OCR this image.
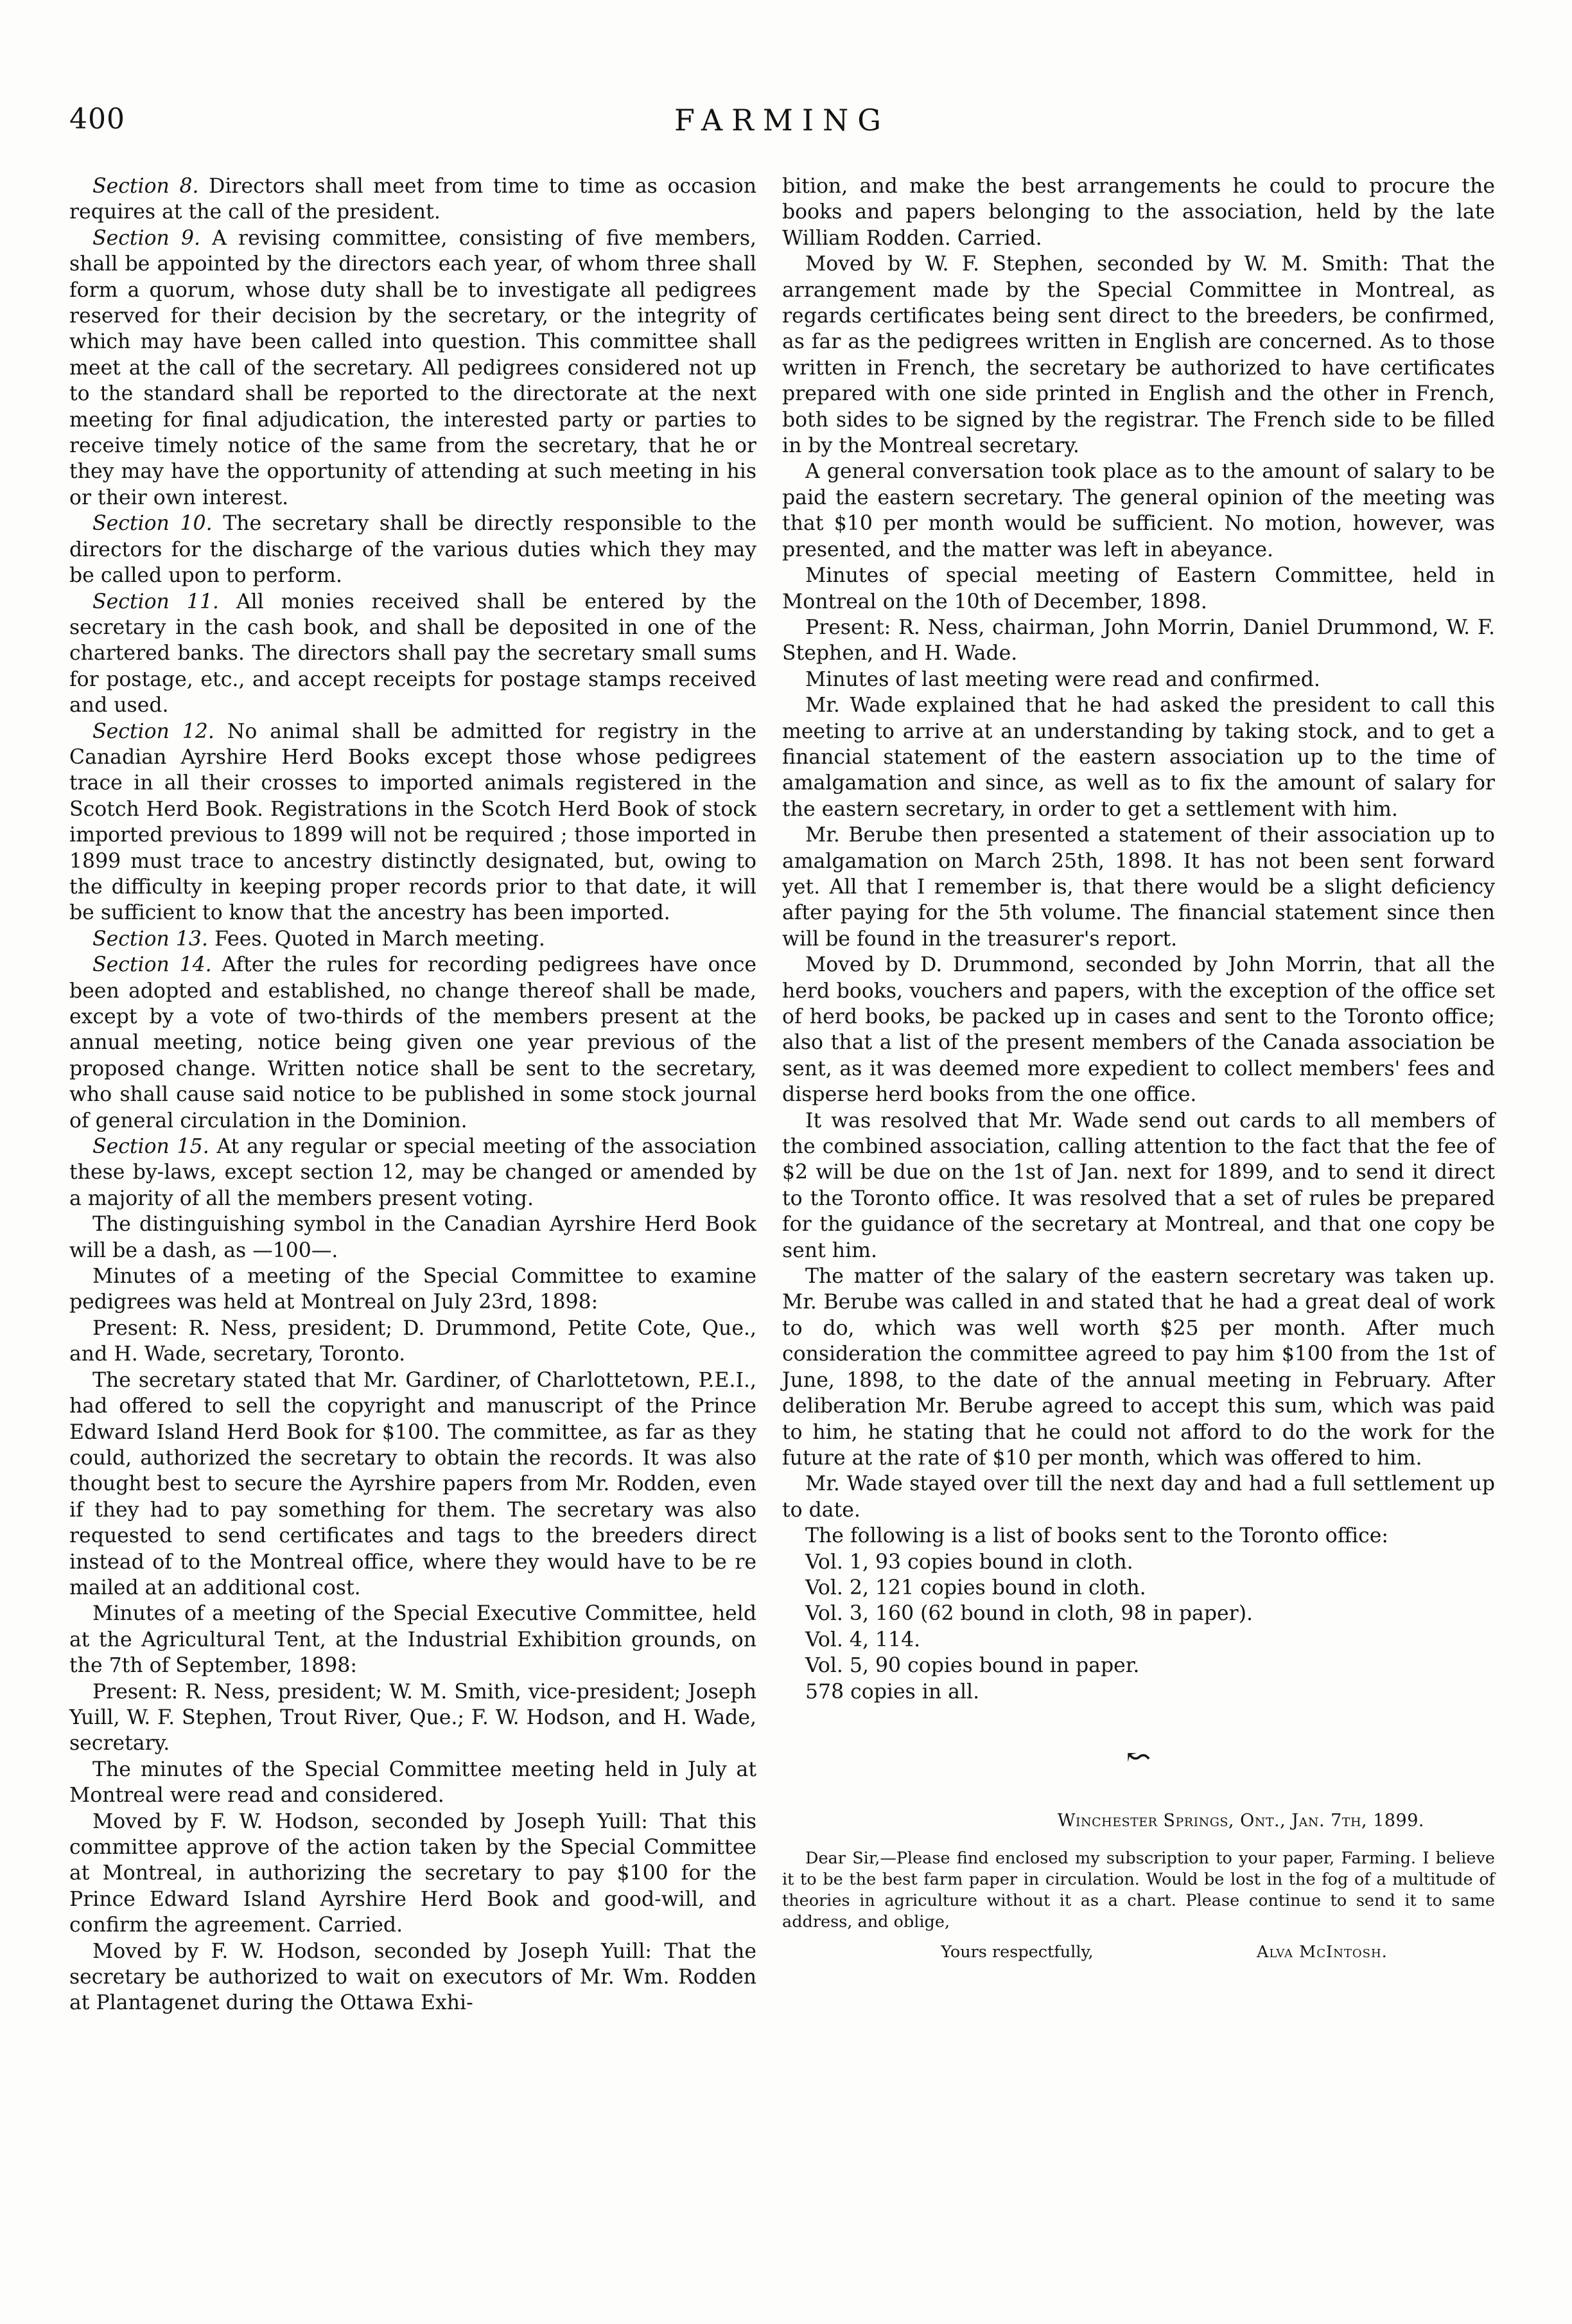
400	FARMING

Section 8. Directors shall meet from time to time as occasion requires at the call of the president.

Section 9. A revising committee, consisting of five members, shall be appointed by the directors each year, of whom three shall form a quorum, whose duty shall be to investigate all pedigrees reserved for their decision by the secretary, or the integrity of which may have been called into question. This committee shall meet at the call of the secretary. All pedigrees considered not up to the standard shall be reported to the directorate at the next meeting for final adjudication, the interested party or parties to receive timely notice of the same from the secretary, that he or they may have the opportunity of attending at such meeting in his or their own interest.

Section 10. The secretary shall be directly responsible to the directors for the discharge of the various duties which they may be called upon to perform.

Section 11. All monies received shall be entered by the secretary in the cash book, and shall be deposited in one of the chartered banks. The directors shall pay the secretary small sums for postage, etc., and accept receipts for postage stamps received and used.

Section 12. No animal shall be admitted for registry in the Canadian Ayrshire Herd Books except those whose pedigrees trace in all their crosses to imported animals registered in the Scotch Herd Book. Registrations in the Scotch Herd Book of stock imported previous to 1899 will not be required ; those imported in 1899 must trace to ancestry distinctly designated, but, owing to the difficulty in keeping proper records prior to that date, it will be sufficient to know that the ancestry has been imported.

Section 13. Fees. Quoted in March meeting.

Section 14. After the rules for recording pedigrees have once been adopted and established, no change thereof shall be made, except by a vote of two-thirds of the members present at the annual meeting, notice being given one year previous of the proposed change. Written notice shall be sent to the secretary, who shall cause said notice to be published in some stock journal of general circulation in the Dominion.

Section 15. At any regular or special meeting of the association these by-laws, except section 12, may be changed or amended by a majority of all the members present voting.

The distinguishing symbol in the Canadian Ayrshire Herd Book will be a dash, as —100—.

Minutes of a meeting of the Special Committee to examine pedigrees was held at Montreal on July 23rd, 1898:

Present: R. Ness, president; D. Drummond, Petite Cote, Que., and H. Wade, secretary, Toronto.

The secretary stated that Mr. Gardiner, of Charlottetown, P.E.I., had offered to sell the copyright and manuscript of the Prince Edward Island Herd Book for $100. The committee, as far as they could, authorized the secretary to obtain the records. It was also thought best to secure the Ayrshire papers from Mr. Rodden, even if they had to pay something for them. The secretary was also requested to send certificates and tags to the breeders direct instead of to the Montreal office, where they would have to be re mailed at an additional cost.

Minutes of a meeting of the Special Executive Committee, held at the Agricultural Tent, at the Industrial Exhibition grounds, on the 7th of September, 1898:

Present: R. Ness, president; W. M. Smith, vice-president; Joseph Yuill, W. F. Stephen, Trout River, Que.; F. W. Hodson, and H. Wade, secretary.

The minutes of the Special Committee meeting held in July at Montreal were read and considered.

Moved by F. W. Hodson, seconded by Joseph Yuill: That this committee approve of the action taken by the Special Committee at Montreal, in authorizing the secretary to pay $100 for the Prince Edward Island Ayrshire Herd Book and good-will, and confirm the agreement. Carried.

Moved by F. W. Hodson, seconded by Joseph Yuill: That the secretary be authorized to wait on executors of Mr. Wm. Rodden at Plantagenet during the Ottawa Exhi-

bition, and make the best arrangements he could to procure the books and papers belonging to the association, held by the late William Rodden. Carried.

Moved by W. F. Stephen, seconded by W. M. Smith: That the arrangement made by the Special Committee in Montreal, as regards certificates being sent direct to the breeders, be confirmed, as far as the pedigrees written in English are concerned. As to those written in French, the secretary be authorized to have certificates prepared with one side printed in English and the other in French, both sides to be signed by the registrar. The French side to be filled in by the Montreal secretary.

A general conversation took place as to the amount of salary to be paid the eastern secretary. The general opinion of the meeting was that $10 per month would be sufficient. No motion, however, was presented, and the matter was left in abeyance.

Minutes of special meeting of Eastern Committee, held in Montreal on the 10th of December, 1898.

Present: R. Ness, chairman, John Morrin, Daniel Drummond, W. F. Stephen, and H. Wade.

Minutes of last meeting were read and confirmed.

Mr. Wade explained that he had asked the president to call this meeting to arrive at an understanding by taking stock, and to get a financial statement of the eastern association up to the time of amalgamation and since, as well as to fix the amount of salary for the eastern secretary, in order to get a settlement with him.

Mr. Berube then presented a statement of their association up to amalgamation on March 25th, 1898. It has not been sent forward yet. All that I remember is, that there would be a slight deficiency after paying for the 5th volume. The financial statement since then will be found in the treasurer's report.

Moved by D. Drummond, seconded by John Morrin, that all the herd books, vouchers and papers, with the exception of the office set of herd books, be packed up in cases and sent to the Toronto office; also that a list of the present members of the Canada association be sent, as it was deemed more expedient to collect members' fees and disperse herd books from the one office.

It was resolved that Mr. Wade send out cards to all members of the combined association, calling attention to the fact that the fee of $2 will be due on the 1st of Jan. next for 1899, and to send it direct to the Toronto office. It was resolved that a set of rules be prepared for the guidance of the secretary at Montreal, and that one copy be sent him.

The matter of the salary of the eastern secretary was taken up. Mr. Berube was called in and stated that he had a great deal of work to do, which was well worth $25 per month. After much consideration the committee agreed to pay him $100 from the 1st of June, 1898, to the date of the annual meeting in February. After deliberation Mr. Berube agreed to accept this sum, which was paid to him, he stating that he could not afford to do the work for the future at the rate of $10 per month, which was offered to him.

Mr. Wade stayed over till the next day and had a full settlement up to date.

The following is a list of books sent to the Toronto office:

Vol. 1, 93 copies bound in cloth.
Vol. 2, 121 copies bound in cloth.
Vol. 3, 160 (62 bound in cloth, 98 in paper).
Vol. 4, 114.
Vol. 5, 90 copies bound in paper.
578 copies in all.
↜
Winchester Springs, Ont., Jan. 7th, 1899.
Dear Sir,—Please find enclosed my subscription to your paper, Farming. I believe it to be the best farm paper in circulation. Would be lost in the fog of a multitude of theories in agriculture without it as a chart. Please continue to send it to same address, and oblige,
Yours respectfully,	Alva McIntosh.
